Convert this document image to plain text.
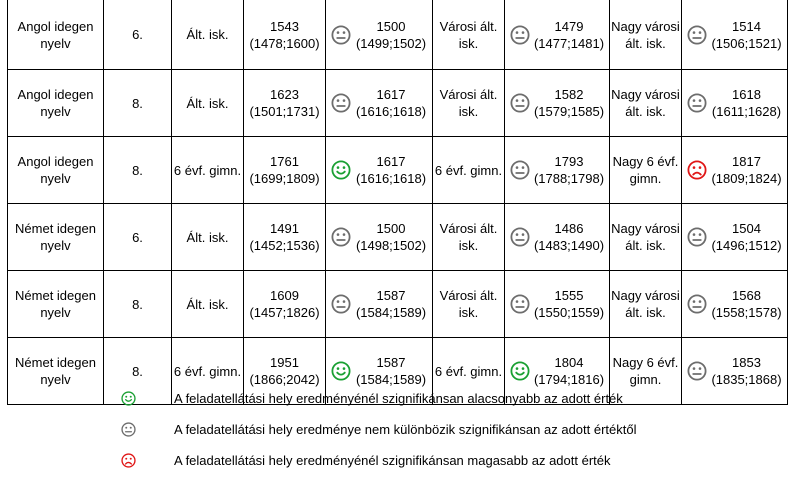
Angol idegen nyelv	6.	Ált. isk.	1543 (1478;1600)	1500 (1499;1502)	Városi ált. isk.	1479 (1477;1481)	Nagy városi ált. isk.	1514 (1506;1521)

Angol idegen nyelv	8.	Ált. isk.	1623 (1501;1731)	1617 (1616;1618)	Városi ált. isk.	1582 (1579;1585)	Nagy városi ált. isk.	1618 (1611;1628)

Angol idegen nyelv	8.	6 évf. gimn.	1761 (1699;1809)	1617 (1616;1618)	6 évf. gimn.	1793 (1788;1798)	Nagy 6 évf. gimn.	1817 (1809;1824)

Német idegen nyelv	6.	Ált. isk.	1491 (1452;1536)	1500 (1498;1502)	Városi ált. isk.	1486 (1483;1490)	Nagy városi ált. isk.	1504 (1496;1512)

Német idegen nyelv	8.	Ált. isk.	1609 (1457;1826)	1587 (1584;1589)	Városi ált. isk.	1555 (1550;1559)	Nagy városi ált. isk.	1568 (1558;1578)

Német idegen nyelv	8.	6 évf. gimn.	1951 (1866;2042)	1587 (1584;1589)	6 évf. gimn.	1804 (1794;1816)	Nagy 6 évf. gimn.	1853 (1835;1868)
A feladatellátási hely eredményénél szignifikánsan alacsonyabb az adott érték
A feladatellátási hely eredménye nem különbözik szignifikánsan az adott értéktől
A feladatellátási hely eredményénél szignifikánsan magasabb az adott érték
